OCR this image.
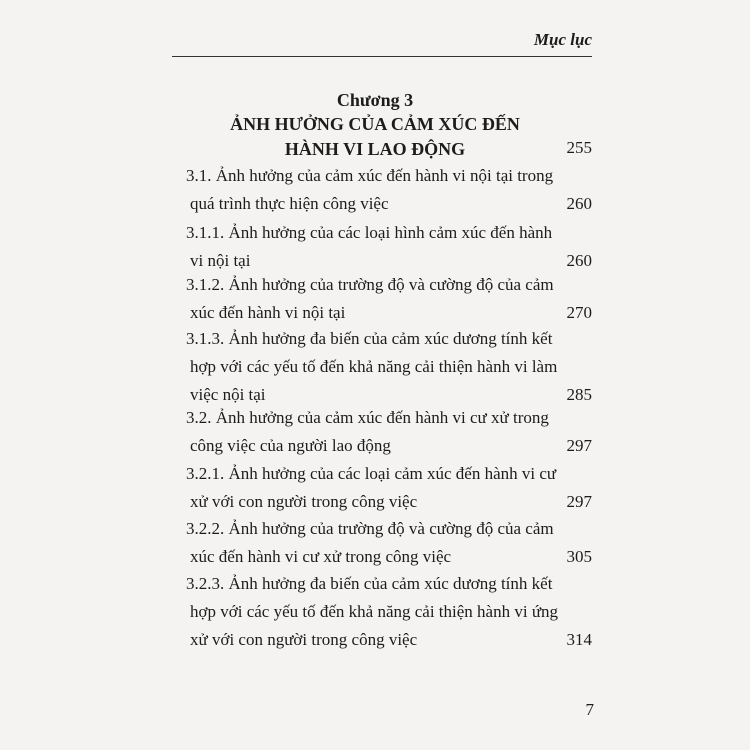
Mục lục
Chương 3
ẢNH HƯỞNG CỦA CẢM XÚC ĐẾN
HÀNH VI LAO ĐỘNG	255
3.1. Ảnh hưởng của cảm xúc đến hành vi nội tại trong
quá trình thực hiện công việc	260
3.1.1. Ảnh hưởng của các loại hình cảm xúc đến hành
vi nội tại	260
3.1.2. Ảnh hưởng của trường độ và cường độ của cảm
xúc đến hành vi nội tại	270
3.1.3. Ảnh hưởng đa biến của cảm xúc dương tính kết
hợp với các yếu tố đến khả năng cải thiện hành vi làm
việc nội tại	285
3.2. Ảnh hưởng của cảm xúc đến hành vi cư xử trong
công việc của người lao động	297
3.2.1. Ảnh hưởng của các loại cảm xúc đến hành vi cư
xử với con người trong công việc	297
3.2.2. Ảnh hưởng của trường độ và cường độ của cảm
xúc đến hành vi cư xử trong công việc	305
3.2.3. Ảnh hưởng đa biến của cảm xúc dương tính kết
hợp với các yếu tố đến khả năng cải thiện hành vi ứng
xử với con người trong công việc	314
7
